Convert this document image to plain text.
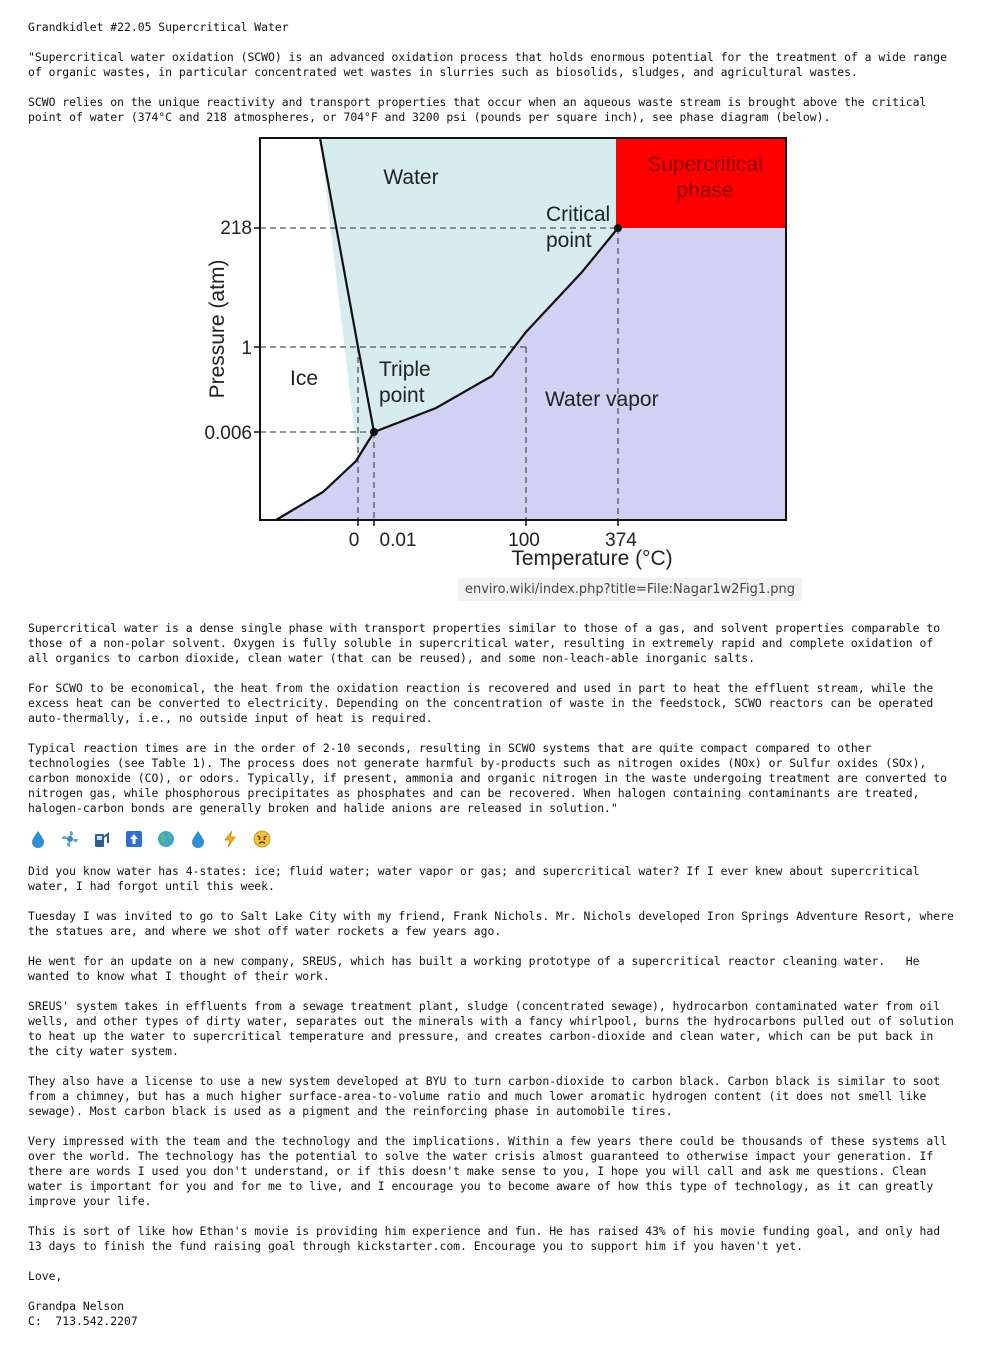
Grandkidlet #22.05 Supercritical Water

"Supercritical water oxidation (SCWO) is an advanced oxidation process that holds enormous potential for the treatment of a wide range of organic wastes, in particular concentrated wet wastes in slurries such as biosolids, sludges, and agricultural wastes.

SCWO relies on the unique reactivity and transport properties that occur when an aqueous waste stream is brought above the critical point of water (374°C and 218 atmospheres, or 704°F and 3200 psi (pounds per square inch), see phase diagram (below).

218
1
0.006
0 0.01	100	374
Temperature (°C)
Pressure (atm)
Water
Supercritical
phase
Critical
point
Ice	Triple
point	Water vapor
enviro.wiki/index.php?title=File:Nagar1w2Fig1.png

Supercritical water is a dense single phase with transport properties similar to those of a gas, and solvent properties comparable to those of a non-polar solvent. Oxygen is fully soluble in supercritical water, resulting in extremely rapid and complete oxidation of all organics to carbon dioxide, clean water (that can be reused), and some non-leach-able inorganic salts.

For SCWO to be economical, the heat from the oxidation reaction is recovered and used in part to heat the effluent stream, while the excess heat can be converted to electricity. Depending on the concentration of waste in the feedstock, SCWO reactors can be operated auto-thermally, i.e., no outside input of heat is required.

Typical reaction times are in the order of 2-10 seconds, resulting in SCWO systems that are quite compact compared to other technologies (see Table 1). The process does not generate harmful by-products such as nitrogen oxides (NOx) or Sulfur oxides (SOx), carbon monoxide (CO), or odors. Typically, if present, ammonia and organic nitrogen in the waste undergoing treatment are converted to nitrogen gas, while phosphorous precipitates as phosphates and can be recovered. When halogen containing contaminants are treated, halogen-carbon bonds are generally broken and halide anions are released in solution."

Did you know water has 4-states: ice; fluid water; water vapor or gas; and supercritical water? If I ever knew about supercritical water, I had forgot until this week.

Tuesday I was invited to go to Salt Lake City with my friend, Frank Nichols. Mr. Nichols developed Iron Springs Adventure Resort, where the statues are, and where we shot off water rockets a few years ago.

He went for an update on a new company, SREUS, which has built a working prototype of a supercritical reactor cleaning water.   He wanted to know what I thought of their work.

SREUS' system takes in effluents from a sewage treatment plant, sludge (concentrated sewage), hydrocarbon contaminated water from oil wells, and other types of dirty water, separates out the minerals with a fancy whirlpool, burns the hydrocarbons pulled out of solution to heat up the water to supercritical temperature and pressure, and creates carbon-dioxide and clean water, which can be put back in the city water system.

They also have a license to use a new system developed at BYU to turn carbon-dioxide to carbon black. Carbon black is similar to soot from a chimney, but has a much higher surface-area-to-volume ratio and much lower aromatic hydrogen content (it does not smell like sewage). Most carbon black is used as a pigment and the reinforcing phase in automobile tires.

Very impressed with the team and the technology and the implications. Within a few years there could be thousands of these systems all over the world. The technology has the potential to solve the water crisis almost guaranteed to otherwise impact your generation. If there are words I used you don't understand, or if this doesn't make sense to you, I hope you will call and ask me questions. Clean water is important for you and for me to live, and I encourage you to become aware of how this type of technology, as it can greatly improve your life.

This is sort of like how Ethan's movie is providing him experience and fun. He has raised 43% of his movie funding goal, and only had 13 days to finish the fund raising goal through kickstarter.com. Encourage you to support him if you haven't yet.

Love,

Grandpa Nelson

C:  713.542.2207
